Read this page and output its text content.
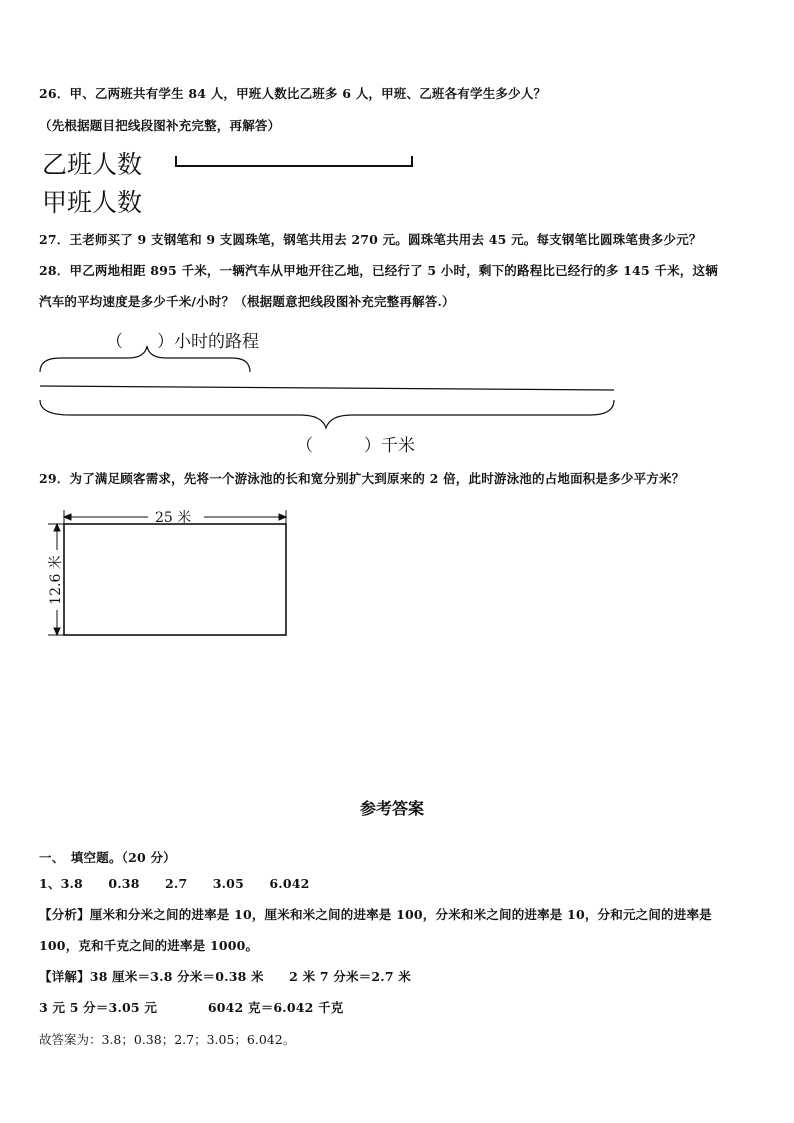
26．甲、乙两班共有学生 84 人，甲班人数比乙班多 6 人，甲班、乙班各有学生多少人？
（先根据题目把线段图补充完整，再解答）
乙班人数
甲班人数
27．王老师买了 9 支钢笔和 9 支圆珠笔，钢笔共用去 270 元。圆珠笔共用去 45 元。每支钢笔比圆珠笔贵多少元？
28．甲乙两地相距 895 千米，一辆汽车从甲地开往乙地，已经行了 5 小时，剩下的路程比已经行的多 145 千米，这辆
汽车的平均速度是多少千米/小时？（根据题意把线段图补充完整再解答.）
（　　）小时的路程
（　　　）千米
29．为了满足顾客需求，先将一个游泳池的长和宽分别扩大到原来的 2 倍，此时游泳池的占地面积是多少平方米？
25 米
12.6 米
参考答案
一、　填空题。（20 分）
1、3.8　　0.38　　2.7　　3.05　　6.042
【分析】厘米和分米之间的进率是 10，厘米和米之间的进率是 100，分米和米之间的进率是 10，分和元之间的进率是
100，克和千克之间的进率是 1000。
【详解】38 厘米＝3.8 分米＝0.38 米　　2 米 7 分米＝2.7 米
3 元 5 分＝3.05 元　　　　6042 克＝6.042 千克
故答案为：3.8；0.38；2.7；3.05；6.042。
